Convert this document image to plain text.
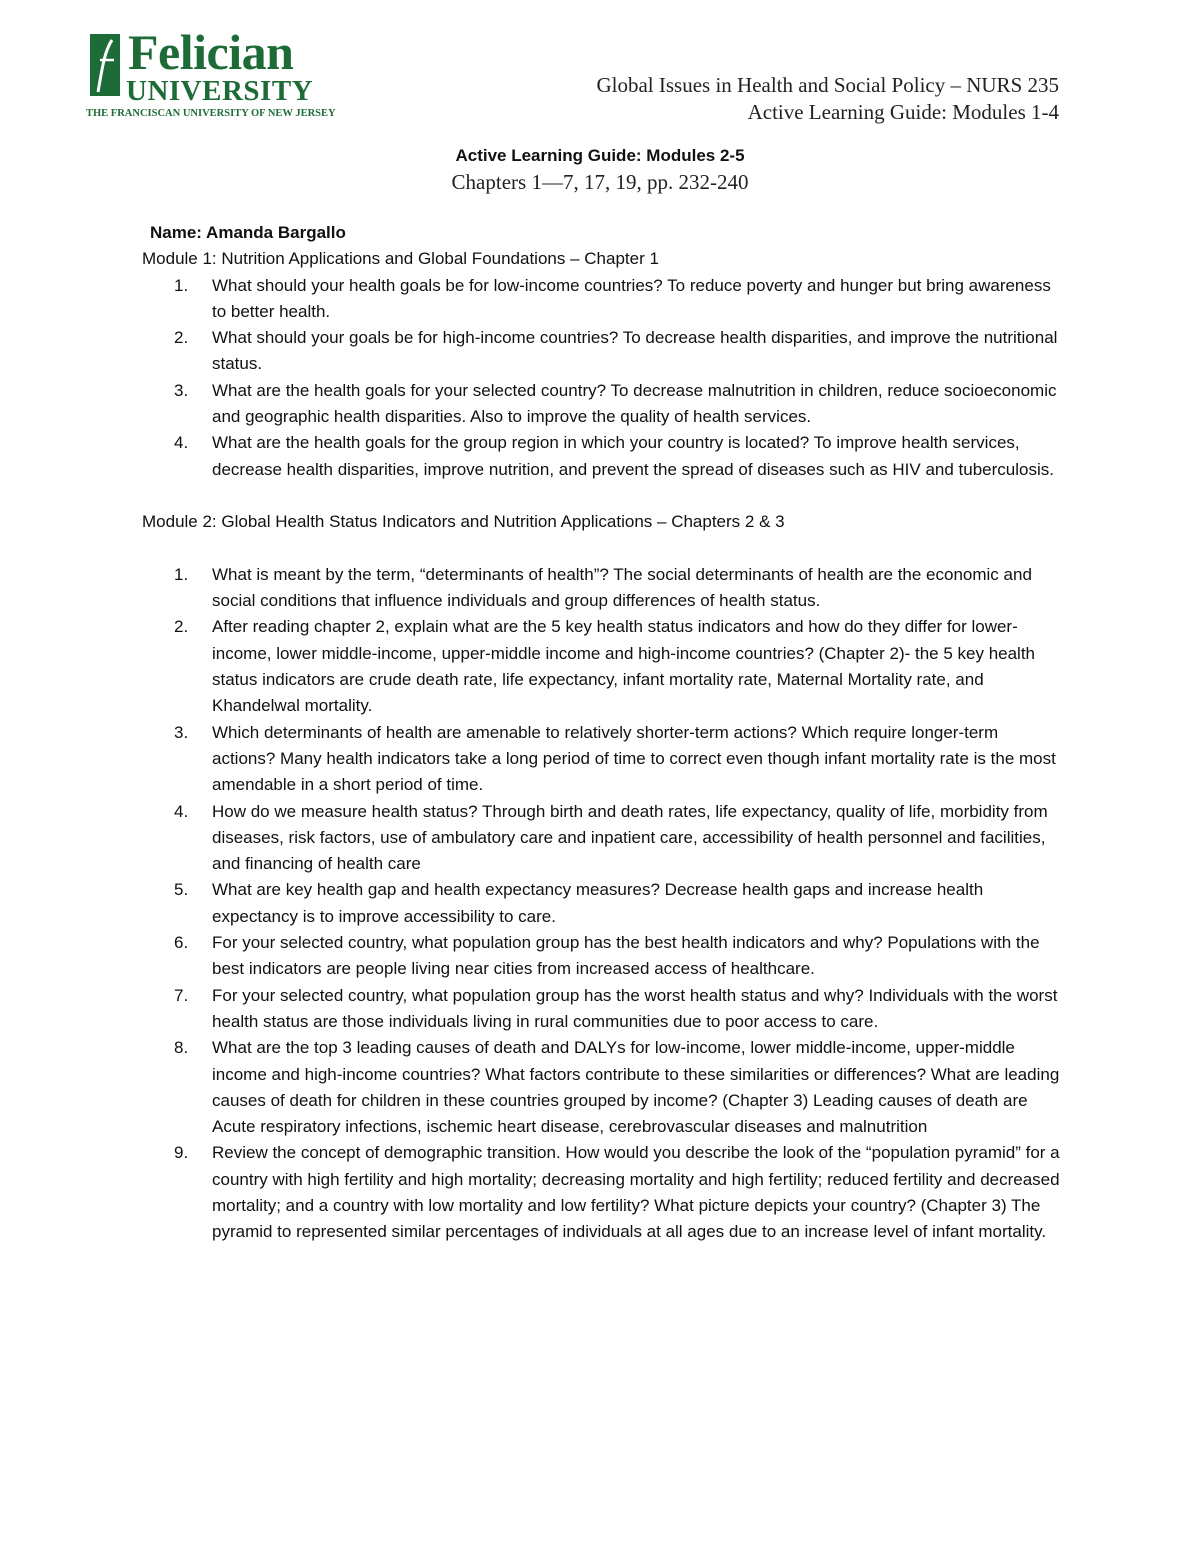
Felician

UNIVERSITY

THE FRANCISCAN UNIVERSITY OF NEW JERSEY

Global Issues in Health and Social Policy – NURS 235
Active Learning Guide: Modules 1-4

Active Learning Guide: Modules 2-5

Chapters 1—7, 17, 19, pp. 232-240

Name: Amanda Bargallo

Module 1: Nutrition Applications and Global Foundations – Chapter 1

1. What should your health goals be for low-income countries? To reduce poverty and hunger but bring awareness to better health.
2. What should your goals be for high-income countries? To decrease health disparities, and improve the nutritional status.
3. What are the health goals for your selected country? To decrease malnutrition in children, reduce socioeconomic and geographic health disparities. Also to improve the quality of health services.
4. What are the health goals for the group region in which your country is located? To improve health services, decrease health disparities, improve nutrition, and prevent the spread of diseases such as HIV and tuberculosis.

Module 2: Global Health Status Indicators and Nutrition Applications – Chapters 2 & 3

1. What is meant by the term, “determinants of health”? The social determinants of health are the economic and social conditions that influence individuals and group differences of health status.
2. After reading chapter 2, explain what are the 5 key health status indicators and how do they differ for lower-income, lower middle-income, upper-middle income and high-income countries? (Chapter 2)- the 5 key health status indicators are crude death rate, life expectancy, infant mortality rate, Maternal Mortality rate, and Khandelwal mortality.
3. Which determinants of health are amenable to relatively shorter-term actions? Which require longer-term actions? Many health indicators take a long period of time to correct even though infant mortality rate is the most amendable in a short period of time.
4. How do we measure health status? Through birth and death rates, life expectancy, quality of life, morbidity from diseases, risk factors, use of ambulatory care and inpatient care, accessibility of health personnel and facilities, and financing of health care
5. What are key health gap and health expectancy measures? Decrease health gaps and increase health expectancy is to improve accessibility to care.
6. For your selected country, what population group has the best health indicators and why? Populations with the best indicators are people living near cities from increased access of healthcare.
7. For your selected country, what population group has the worst health status and why? Individuals with the worst health status are those individuals living in rural communities due to poor access to care.
8. What are the top 3 leading causes of death and DALYs for low-income, lower middle-income, upper-middle income and high-income countries? What factors contribute to these similarities or differences? What are leading causes of death for children in these countries grouped by income? (Chapter 3) Leading causes of death are Acute respiratory infections, ischemic heart disease, cerebrovascular diseases and malnutrition
9. Review the concept of demographic transition. How would you describe the look of the “population pyramid” for a country with high fertility and high mortality; decreasing mortality and high fertility; reduced fertility and decreased mortality; and a country with low mortality and low fertility? What picture depicts your country? (Chapter 3) The pyramid to represented similar percentages of individuals at all ages due to an increase level of infant mortality.
